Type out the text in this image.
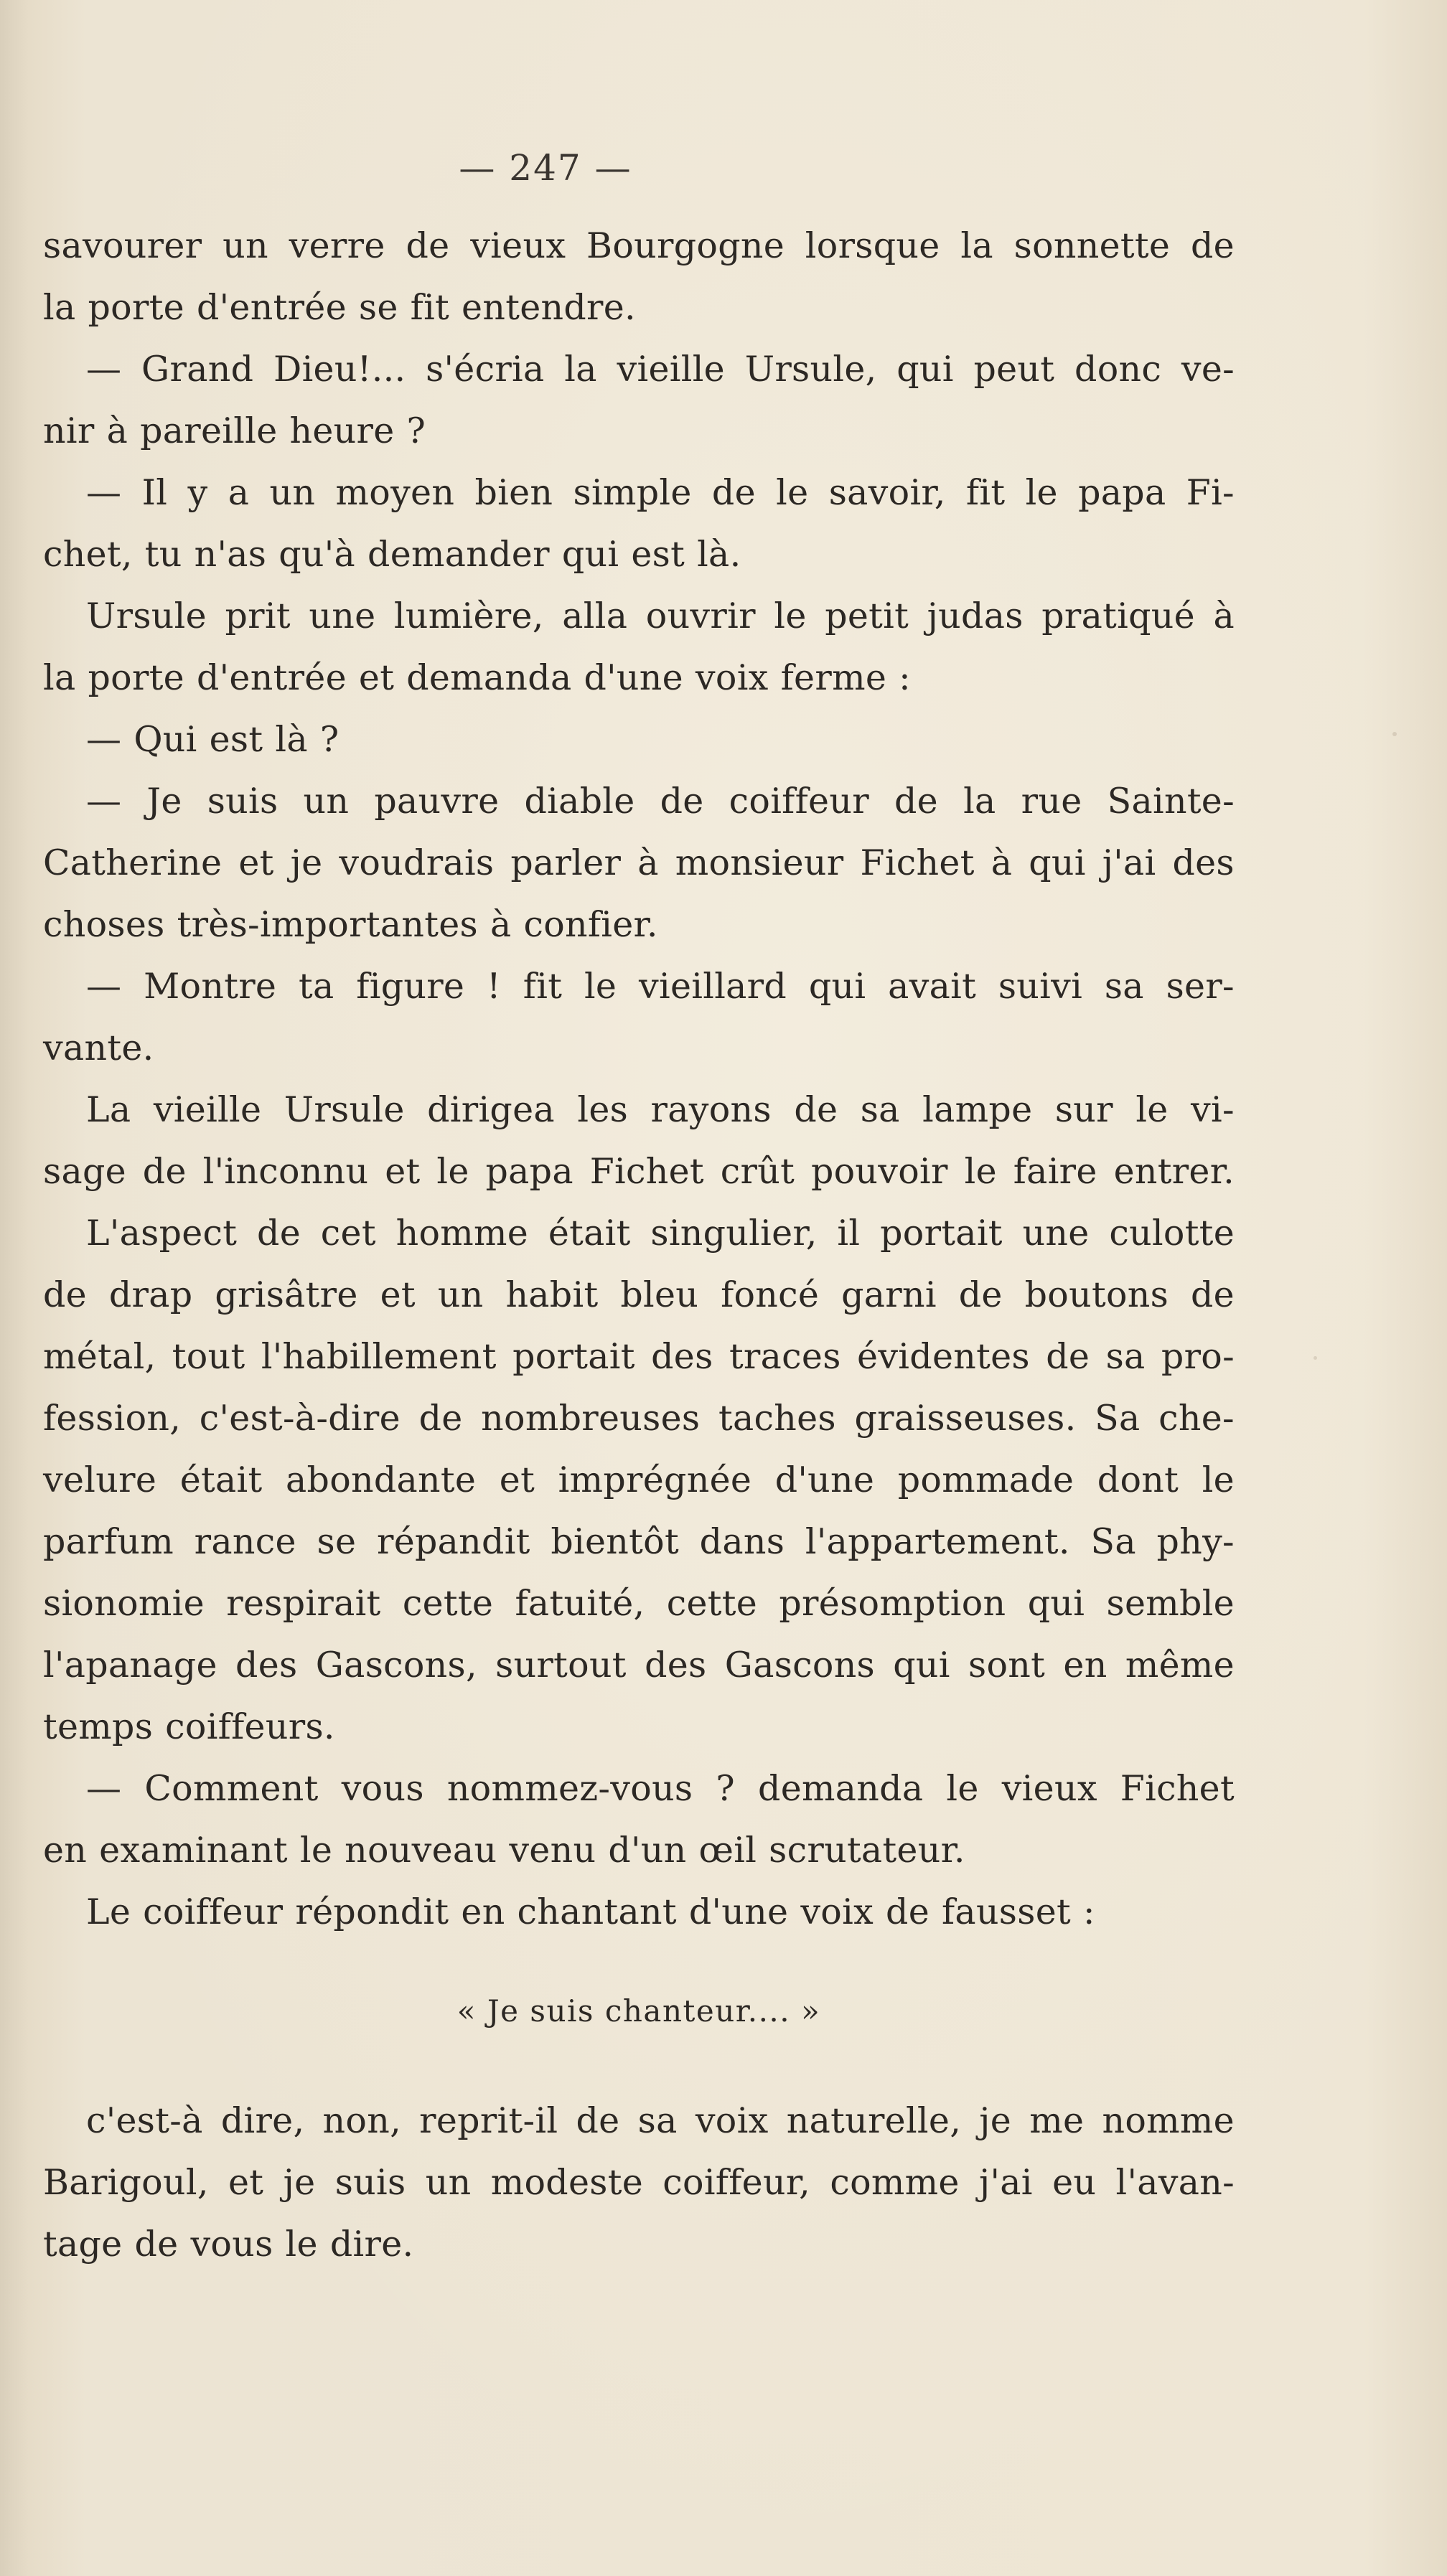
— 247 —
savourer un verre de vieux Bourgogne lorsque la sonnette de
la porte d'entrée se fit entendre.
— Grand Dieu!... s'écria la vieille Ursule, qui peut donc ve-
nir à pareille heure ?
— Il y a un moyen bien simple de le savoir, fit le papa Fi-
chet, tu n'as qu'à demander qui est là.
Ursule prit une lumière, alla ouvrir le petit judas pratiqué à
la porte d'entrée et demanda d'une voix ferme :
— Qui est là ?
— Je suis un pauvre diable de coiffeur de la rue Sainte-
Catherine et je voudrais parler à monsieur Fichet à qui j'ai des
choses très-importantes à confier.
— Montre ta figure ! fit le vieillard qui avait suivi sa ser-
vante.
La vieille Ursule dirigea les rayons de sa lampe sur le vi-
sage de l'inconnu et le papa Fichet crût pouvoir le faire entrer.
L'aspect de cet homme était singulier, il portait une culotte
de drap grisâtre et un habit bleu foncé garni de boutons de
métal, tout l'habillement portait des traces évidentes de sa pro-
fession, c'est-à-dire de nombreuses taches graisseuses. Sa che-
velure était abondante et imprégnée d'une pommade dont le
parfum rance se répandit bientôt dans l'appartement. Sa phy-
sionomie respirait cette fatuité, cette présomption qui semble
l'apanage des Gascons, surtout des Gascons qui sont en même
temps coiffeurs.
— Comment vous nommez-vous ? demanda le vieux Fichet
en examinant le nouveau venu d'un œil scrutateur.
Le coiffeur répondit en chantant d'une voix de fausset :
« Je suis chanteur.... »
c'est-à dire, non, reprit-il de sa voix naturelle, je me nomme
Barigoul, et je suis un modeste coiffeur, comme j'ai eu l'avan-
tage de vous le dire.
